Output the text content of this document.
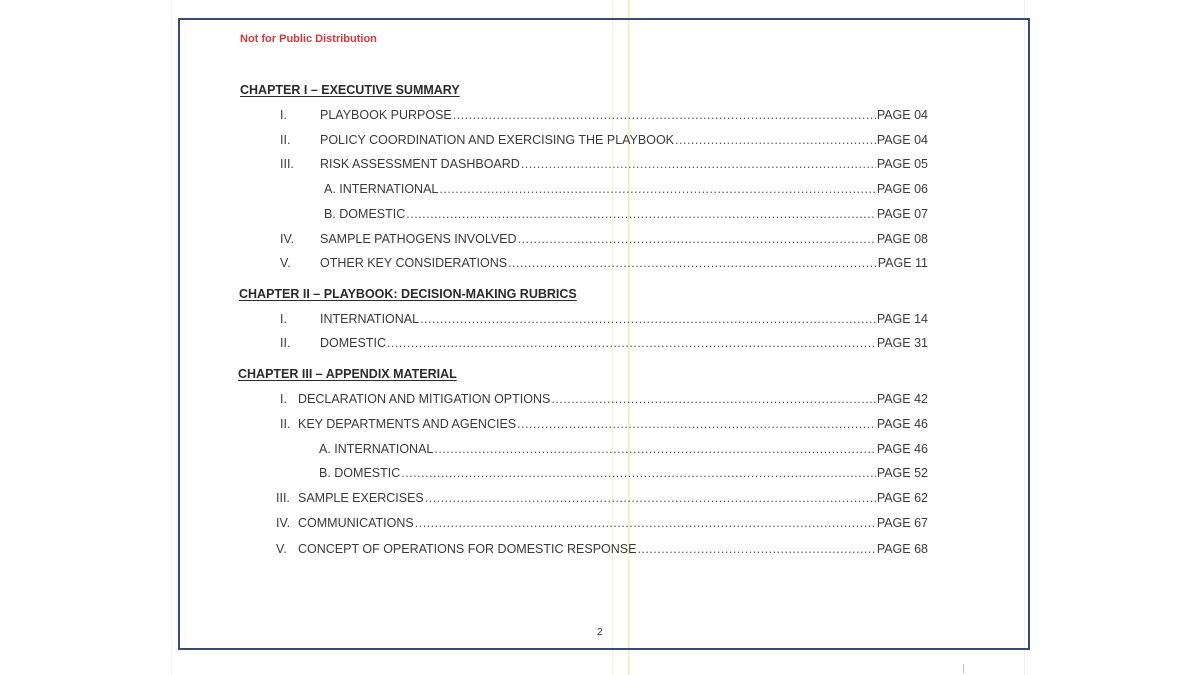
Not for Public Distribution
CHAPTER I – EXECUTIVE SUMMARY
I.	PLAYBOOK PURPOSE .....	PAGE 04
II.	POLICY COORDINATION AND EXERCISING THE PLAYBOOK .....	PAGE 04
III.	RISK ASSESSMENT DASHBOARD .....	PAGE 05
A. INTERNATIONAL .....	PAGE 06
B. DOMESTIC .....	PAGE 07
IV.	SAMPLE PATHOGENS INVOLVED .....	PAGE 08
V.	OTHER KEY CONSIDERATIONS .....	PAGE 11
CHAPTER II – PLAYBOOK: DECISION-MAKING RUBRICS
I.	INTERNATIONAL .....	PAGE 14
II.	DOMESTIC .....	PAGE 31
CHAPTER III – APPENDIX MATERIAL
I. DECLARATION AND MITIGATION OPTIONS .....	PAGE 42
II. KEY DEPARTMENTS AND AGENCIES .....	PAGE 46
A. INTERNATIONAL .....	PAGE 46
B. DOMESTIC .....	PAGE 52
III. SAMPLE EXERCISES .....	PAGE 62
IV. COMMUNICATIONS .....	PAGE 67
V. CONCEPT OF OPERATIONS FOR DOMESTIC RESPONSE .....	PAGE 68
2
